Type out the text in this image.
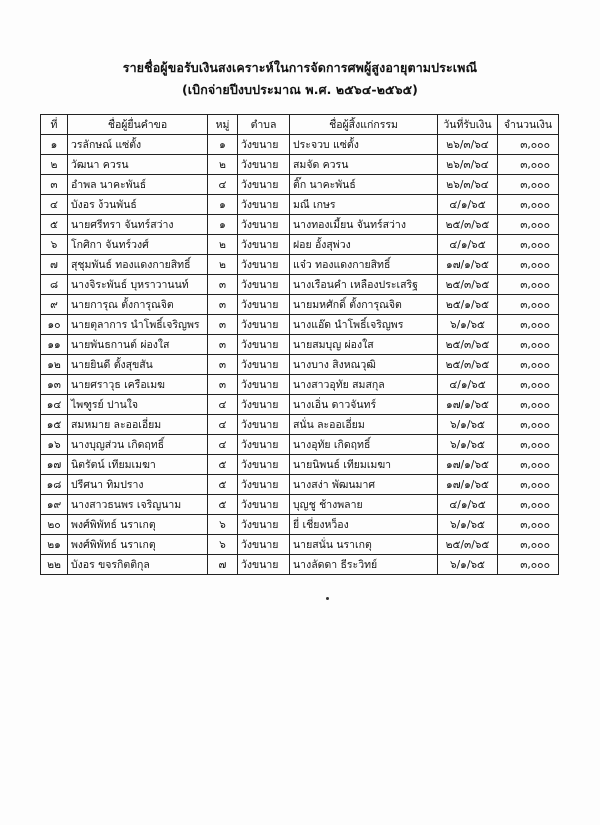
รายชื่อผู้ขอรับเงินสงเคราะห์ในการจัดการศพผู้สูงอายุตามประเพณี
(เบิกจ่ายปีงบประมาณ พ.ศ. ๒๕๖๔-๒๕๖๕)
ที่	ชื่อผู้ยื่นคำขอ	หมู่	ตำบล	ชื่อผู้สิ้งแก่กรรม	วันที่รับเงิน	จำนวนเงิน
๑	วรลักษณ์ แซ่ตั้ง	๑	วังขนาย	ประจวบ แซ่ตั้ง	๒๖/๓/๖๔	๓,๐๐๐
๒	วัฒนา ควรน	๒	วังขนาย	สมจัด ควรน	๒๖/๓/๖๔	๓,๐๐๐
๓	อำพล นาคะพันธ์	๔	วังขนาย	ติ๊ก นาคะพันธ์	๒๖/๓/๖๔	๓,๐๐๐
๔	บังอร ง้วนพันธ์	๑	วังขนาย	มณี เกษร	๔/๑/๖๕	๓,๐๐๐
๕	นายศรีทรา จันทร์สว่าง	๑	วังขนาย	นางทองเมี้ยน จันทร์สว่าง	๒๕/๓/๖๕	๓,๐๐๐
๖	โกศิกา จันทร์วงศ์	๒	วังขนาย	ฝอย อั้งสุพ่วง	๔/๑/๖๕	๓,๐๐๐
๗	สุชุมพันธ์ ทองแดงกายสิทธิ์	๒	วังขนาย	แจ๋ว ทองแดงกายสิทธิ์	๑๗/๑/๖๕	๓,๐๐๐
๘	นางจิระพันธ์ บุหราวานนท์	๓	วังขนาย	นางเรือนคำ เหลืองประเสริฐ	๒๕/๓/๖๕	๓,๐๐๐
๙	นายการุณ ตั้งการุณจิต	๓	วังขนาย	นายมหศักดิ์ ตั้งการุณจิต	๒๕/๑/๖๕	๓,๐๐๐
๑๐	นายตุลาการ นำโพธิ์เจริญพร	๓	วังขนาย	นางแอ๊ด นำโพธิ์เจริญพร	๖/๑/๖๕	๓,๐๐๐
๑๑	นายพันธกานต์ ผ่องใส	๓	วังขนาย	นายสมบุญ ผ่องใส	๒๕/๓/๖๕	๓,๐๐๐
๑๒	นายยินดี ตั้งสุขสัน	๓	วังขนาย	นางบาง สิงหณวุฒิ	๒๕/๓/๖๕	๓,๐๐๐
๑๓	นายศราวุธ เครือเมฆ	๓	วังขนาย	นางสาวอุทัย สมสกุล	๔/๑/๖๕	๓,๐๐๐
๑๔	ไพฑูรย์ ปานใจ	๔	วังขนาย	นางเอิ่น ดาวจันทร์	๑๗/๑/๖๕	๓,๐๐๐
๑๕	สมหมาย ละออเอี่ยม	๔	วังขนาย	สนั่น ละออเอี่ยม	๖/๑/๖๕	๓,๐๐๐
๑๖	นางบุญส่วน เกิดฤทธิ์	๔	วังขนาย	นางอุทัย เกิดฤทธิ์	๖/๑/๖๕	๓,๐๐๐
๑๗	นิตรัตน์ เทียมเมฆา	๕	วังขนาย	นายนิพนธ์ เทียมเมฆา	๑๗/๑/๖๕	๓,๐๐๐
๑๘	ปรีศนา ทิมปราง	๕	วังขนาย	นางสง่า พัฒนมาศ	๑๗/๑/๖๕	๓,๐๐๐
๑๙	นางสาวธนพร เจริญนาม	๕	วังขนาย	บุญชู ช้างพลาย	๔/๑/๖๕	๓,๐๐๐
๒๐	พงศ์พิพัทธ์ นราเกตุ	๖	วังขนาย	ยี่ เชี่ยงหว็อง	๖/๑/๖๕	๓,๐๐๐
๒๑	พงศ์พิพัทธ์ นราเกตุ	๖	วังขนาย	นายสนั่น นราเกตุ	๒๕/๓/๖๕	๓,๐๐๐
๒๒	บังอร ขจรกิตติกุล	๗	วังขนาย	นางลัดดา ธีระวิทย์	๖/๑/๖๕	๓,๐๐๐
